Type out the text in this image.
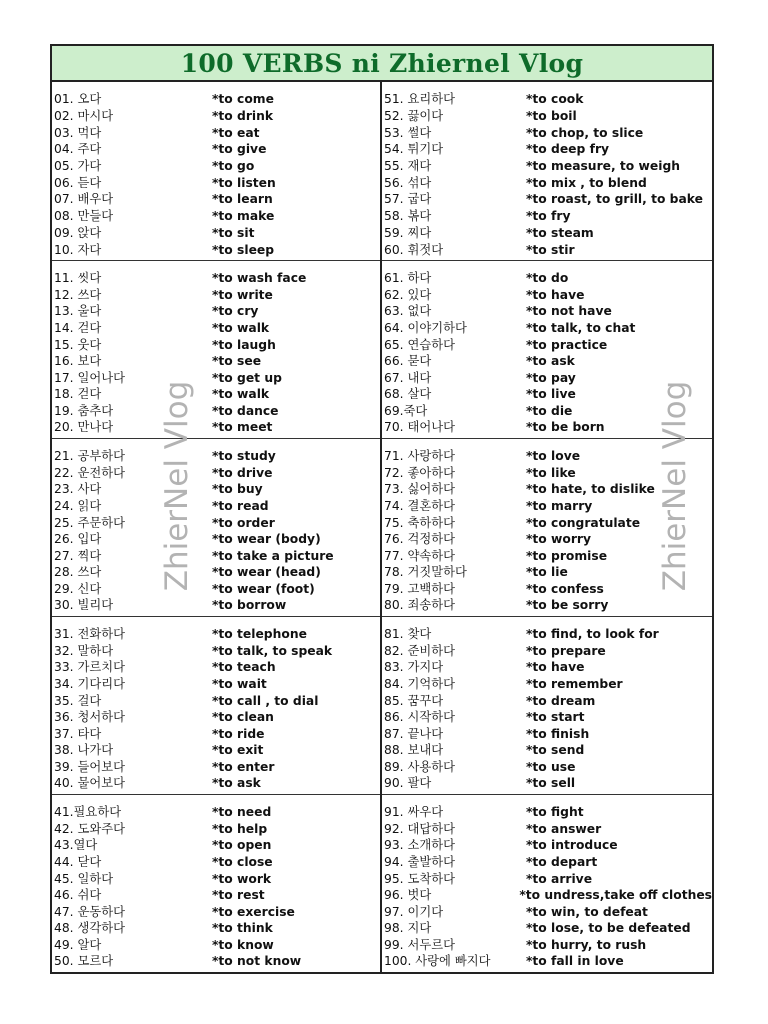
100 VERBS ni Zhiernel Vlog
01. 오다	*to come
02. 마시다	*to drink
03. 먹다	*to eat
04. 주다	*to give
05. 가다	*to go
06. 듣다	*to listen
07. 배우다	*to learn
08. 만들다	*to make
09. 앉다	*to sit
10. 자다	*to sleep
11. 씻다	*to wash face
12. 쓰다	*to write
13. 울다	*to cry
14. 걷다	*to walk
15. 웃다	*to laugh
16. 보다	*to see
17. 일어나다	*to get up
18. 걷다	*to walk
19. 춤추다	*to dance
20. 만나다	*to meet
21. 공부하다	*to study
22. 운전하다	*to drive
23. 사다	*to buy
24. 읽다	*to read
25. 주문하다	*to order
26. 입다	*to wear (body)
27. 찍다	*to take a picture
28. 쓰다	*to wear (head)
29. 신다	*to wear (foot)
30. 빌리다	*to borrow
31. 전화하다	*to telephone
32. 말하다	*to talk, to speak
33. 가르치다	*to teach
34. 기다리다	*to wait
35. 걸다	*to call , to dial
36. 청서하다	*to clean
37. 타다	*to ride
38. 나가다	*to exit
39. 들어보다	*to enter
40. 물어보다	*to ask
41.필요하다	*to need
42. 도와주다	*to help
43.열다	*to open
44. 닫다	*to close
45. 일하다	*to work
46. 쉬다	*to rest
47. 운동하다	*to exercise
48. 생각하다	*to think
49. 알다	*to know
50. 모르다	*to not know
51. 요리하다	*to cook
52. 끓이다	*to boil
53. 썰다	*to chop, to slice
54. 튀기다	*to deep fry
55. 재다	*to measure, to weigh
56. 섞다	*to mix , to blend
57. 굽다	*to roast, to grill, to bake
58. 볶다	*to fry
59. 찌다	*to steam
60. 휘젓다	*to stir
61. 하다	*to do
62. 있다	*to have
63. 없다	*to not have
64. 이야기하다	*to talk, to chat
65. 연습하다	*to practice
66. 묻다	*to ask
67. 내다	*to pay
68. 살다	*to live
69.죽다	*to die
70. 태어나다	*to be born
71. 사랑하다	*to love
72. 좋아하다	*to like
73. 싫어하다	*to hate, to dislike
74. 결혼하다	*to marry
75. 축하하다	*to congratulate
76. 걱정하다	*to worry
77. 약속하다	*to promise
78. 거짓말하다	*to lie
79. 고백하다	*to confess
80. 죄송하다	*to be sorry
81. 찾다	*to find, to look for
82. 준비하다	*to prepare
83. 가지다	*to have
84. 기억하다	*to remember
85. 꿈꾸다	*to dream
86. 시작하다	*to start
87. 끝나다	*to finish
88. 보내다	*to send
89. 사용하다	*to use
90. 팔다	*to sell
91. 싸우다	*to fight
92. 대답하다	*to answer
93. 소개하다	*to introduce
94. 출발하다	*to depart
95. 도착하다	*to arrive
96. 벗다	*to undress,take off clothes
97. 이기다	*to win, to defeat
98. 지다	*to lose, to be defeated
99. 서두르다	*to hurry, to rush
100. 사랑에 빠지다	*to fall in love
ZhierNel Vlog	ZhierNel Vlog
